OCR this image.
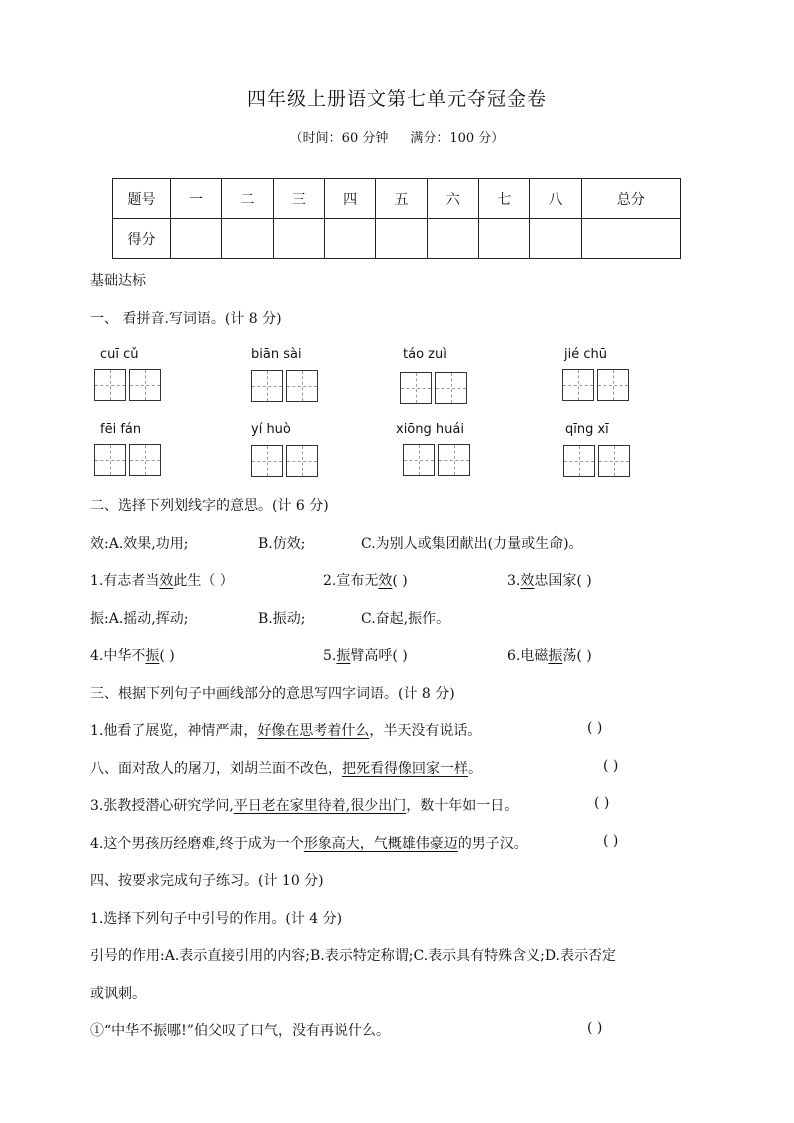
四年级上册语文第七单元夺冠金卷
（时间：60 分钟 满分：100 分）
题号	一	二	三	四	五	六	七	八	总分
得分									
基础达标
一、 看拼音.写词语。(计 8 分)
cuī cǔ	biān sài	táo zuì	jié chū
fēi fán	yí huò	xiōng huái	qīng xī
二、选择下列划线字的意思。(计 6 分)
效:A.效果,功用;	B.仿效;	C.为别人或集团献出(力量或生命)。
1.有志者当效此生（ ）	2.宣布无效( )	3.效忠国家( )
振:A.摇动,挥动;	B.振动;	C.奋起,振作。
4.中华不振( )	5.振臂高呼( )	6.电磁振荡( )
三、根据下列句子中画线部分的意思写四字词语。(计 8 分)
1.他看了展览，神情严肃，好像在思考着什么，半天没有说话。	( )
八、面对敌人的屠刀，刘胡兰面不改色，把死看得像回家一样。	( )
3.张教授潜心研究学问,平日老在家里待着,很少出门，数十年如一日。	( )
4.这个男孩历经磨难,终于成为一个形象高大，气概雄伟豪迈的男子汉。	( )
四、按要求完成句子练习。(计 10 分)
1.选择下列句子中引号的作用。(计 4 分)
引号的作用:A.表示直接引用的内容;B.表示特定称谓;C.表示具有特殊含义;D.表示否定
或讽刺。
①“中华不振哪!”伯父叹了口气，没有再说什么。	( )
